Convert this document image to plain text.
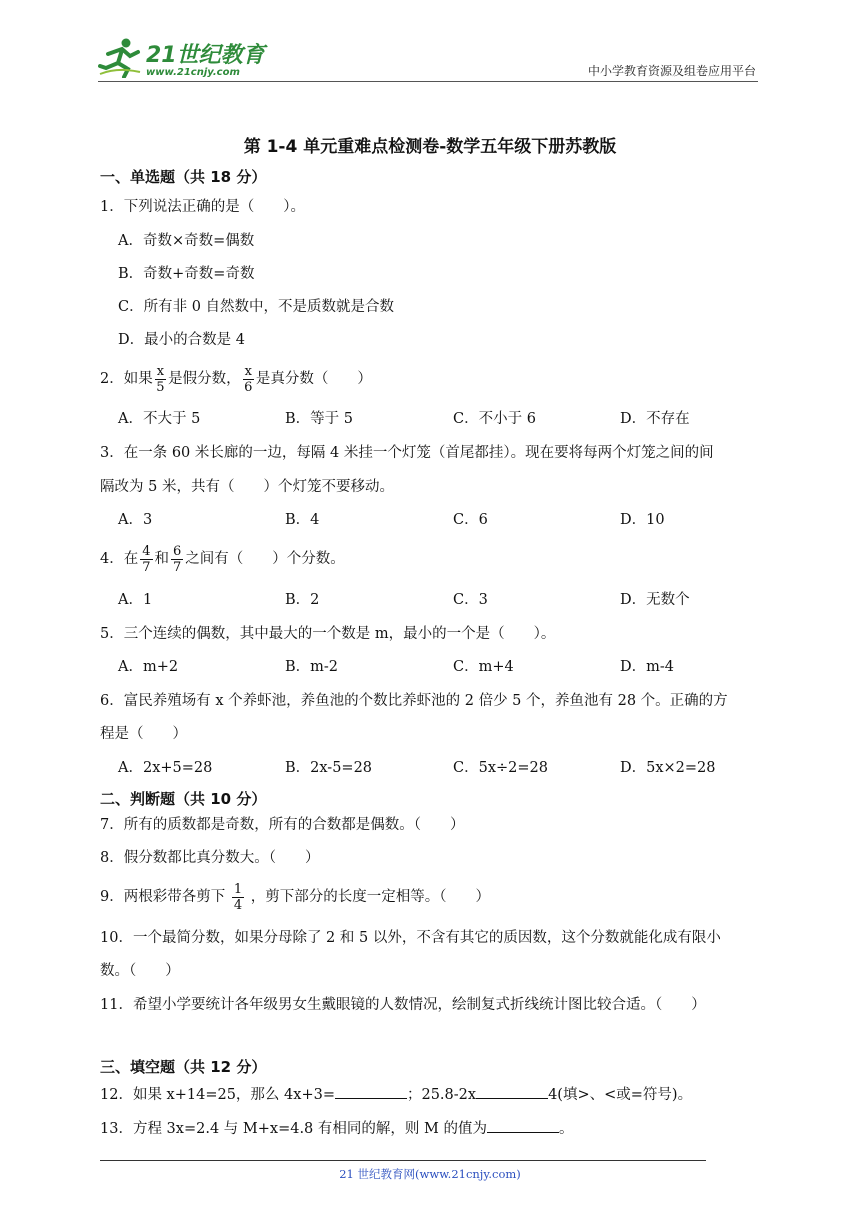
21世纪教育
www.21cnjy.com	中小学教育资源及组卷应用平台
第 1-4 单元重难点检测卷-数学五年级下册苏教版
一、单选题（共 18 分）
1．下列说法正确的是（　　）。
A．奇数×奇数=偶数
B．奇数+奇数=奇数
C．所有非 0 自然数中，不是质数就是合数
D．最小的合数是 4
2．如果 $\frac{x}{5}$ 是假分数， $\frac{x}{6}$ 是真分数（　　）
A．不大于 5	B．等于 5	C．不小于 6	D．不存在
3．在一条 60 米长廊的一边，每隔 4 米挂一个灯笼（首尾都挂）。现在要将每两个灯笼之间的间
隔改为 5 米，共有（　　）个灯笼不要移动。
A．3	B．4	C．6	D．10
4．在 $\frac{4}{7}$ 和 $\frac{6}{7}$ 之间有（　　）个分数。
A．1	B．2	C．3	D．无数个
5．三个连续的偶数，其中最大的一个数是 m，最小的一个是（　　）。
A．m+2	B．m-2	C．m+4	D．m-4
6．富民养殖场有 x 个养虾池，养鱼池的个数比养虾池的 2 倍少 5 个，养鱼池有 28 个。正确的方
程是（　　）
A．2x+5=28	B．2x-5=28	C．5x÷2=28	D．5x×2=28
二、判断题（共 10 分）
7．所有的质数都是奇数，所有的合数都是偶数。（　　）
8．假分数都比真分数大。（　　）
9．两根彩带各剪下 $\frac{1}{4}$ ，剪下部分的长度一定相等。（　　）
10．一个最简分数，如果分母除了 2 和 5 以外，不含有其它的质因数，这个分数就能化成有限小
数。（　　）
11．希望小学要统计各年级男女生戴眼镜的人数情况，绘制复式折线统计图比较合适。（　　）
三、填空题（共 12 分）
12．如果 x+14=25，那么 4x+3=	；25.8-2x	4(填>、<或=符号)。
13．方程 3x=2.4 与 M+x=4.8 有相同的解，则 M 的值为	。
21 世纪教育网(www.21cnjy.com)
